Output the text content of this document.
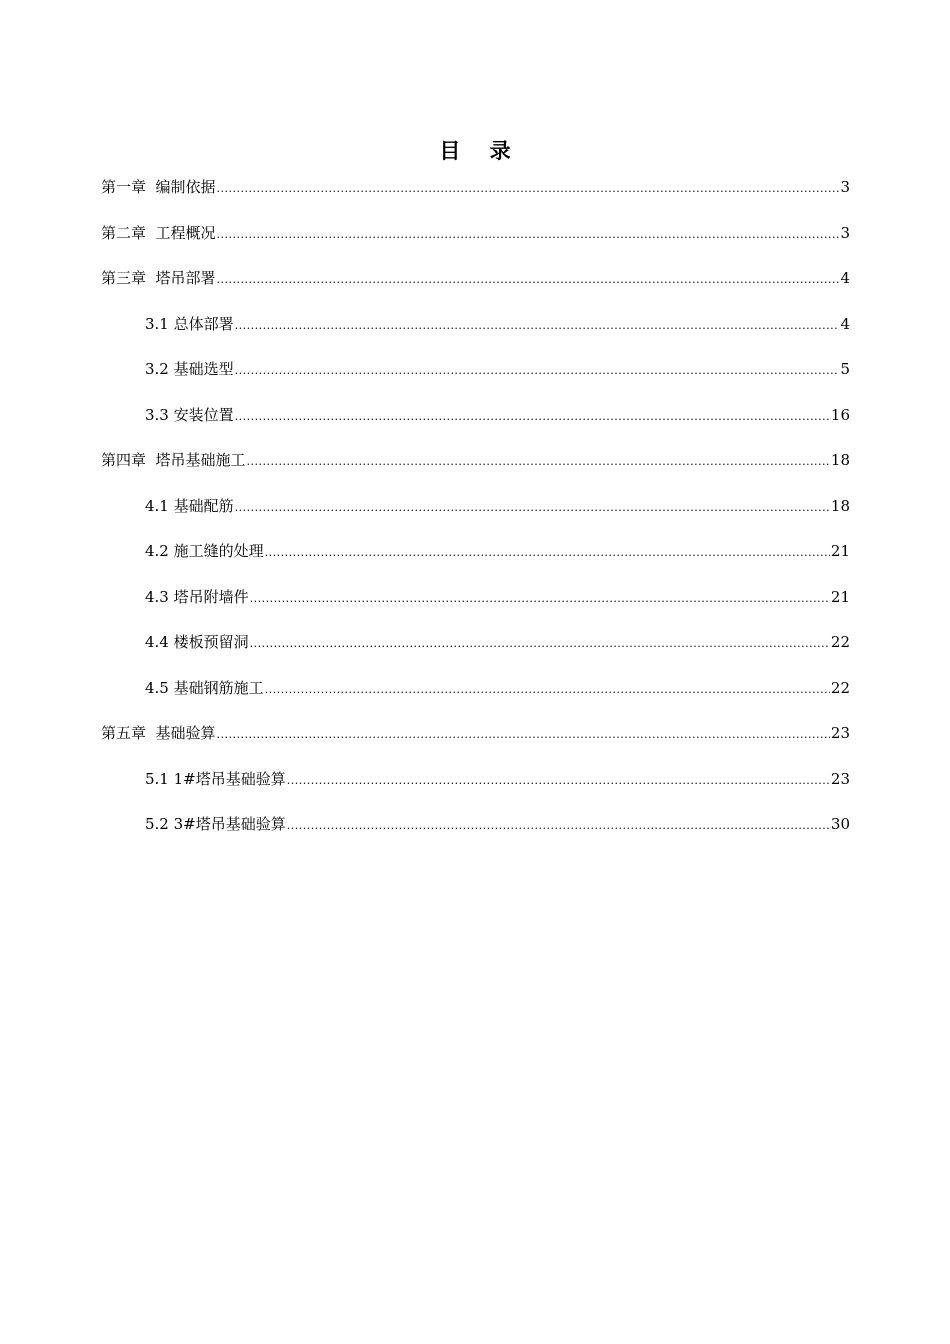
目    录
第一章  编制依据 .....	3
第二章  工程概况 .....	3
第三章  塔吊部署 .....	4
3.1 总体部署 .....	4
3.2 基础选型 .....	5
3.3 安装位置 .....	16
第四章  塔吊基础施工 .....	18
4.1 基础配筋 .....	18
4.2 施工缝的处理 .....	21
4.3 塔吊附墙件 .....	21
4.4 楼板预留洞 .....	22
4.5 基础钢筋施工 .....	22
第五章  基础验算 .....	23
5.1 1#塔吊基础验算 .....	23
5.2 3#塔吊基础验算 .....	30
